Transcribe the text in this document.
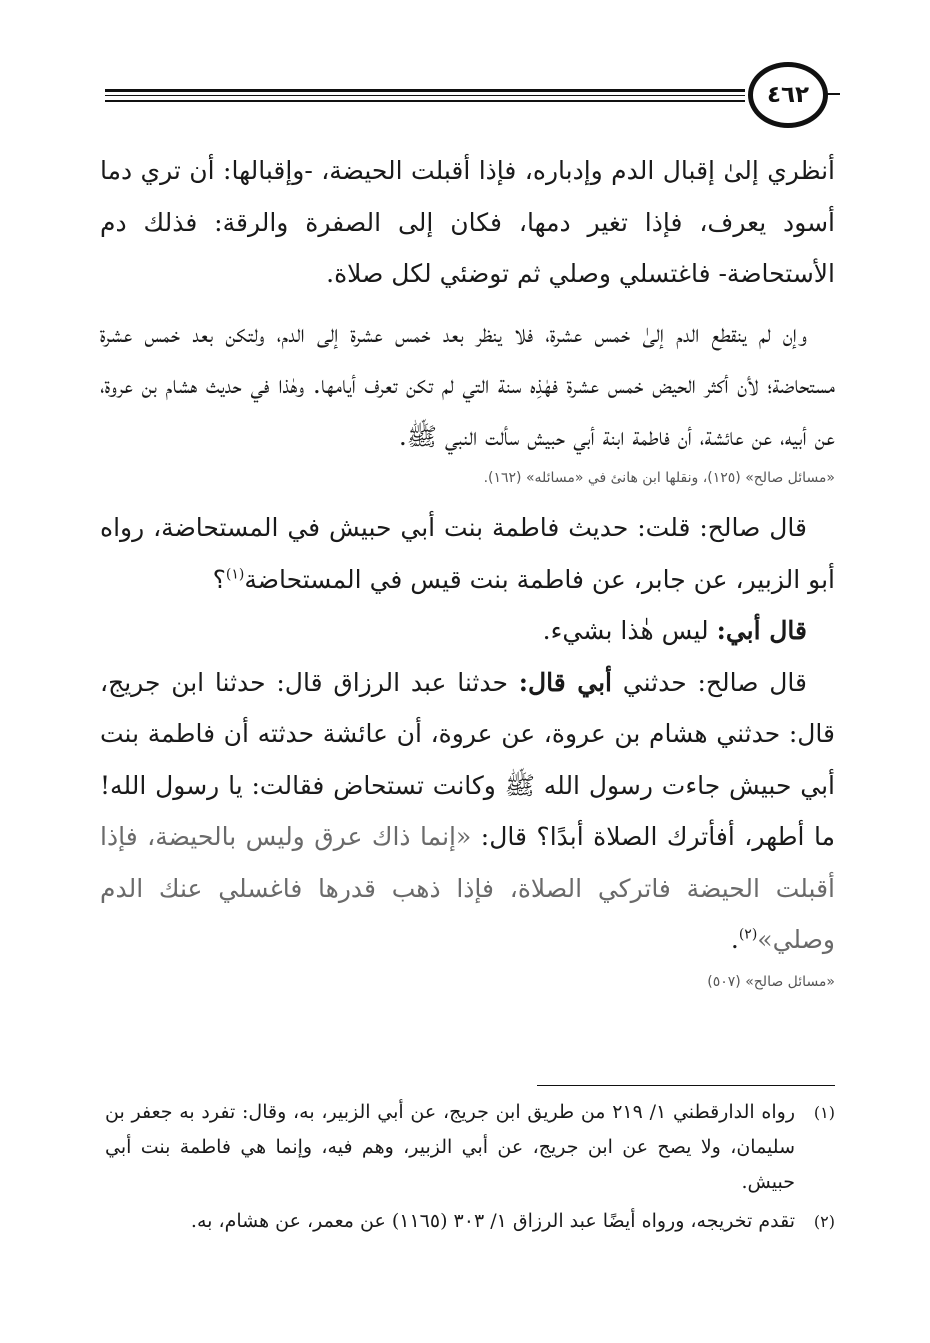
٤٦٢

أنظري إلىٰ إقبال الدم وإدباره، فإذا أقبلت الحيضة، -وإقبالها: أن تري دما أسود يعرف، فإذا تغير دمها، فكان إلى الصفرة والرقة: فذلك دم الأستحاضة- فاغتسلي وصلي ثم توضئي لكل صلاة.

وإن لم ينقطع الدم إلىٰ خمس عشرة، فلا ينظر بعد خمس عشرة إلى الدم، ولتكن بعد خمس عشرة مستحاضة؛ لأن أكثر الحيض خمس عشرة فهٰذِه سنة التي لم تكن تعرف أيامها. وهٰذا في حديث هشام بن عروة، عن أبيه، عن عائشة، أن فاطمة ابنة أبي حبيش سألت النبي ﷺ.

«مسائل صالح» (١٢٥)، ونقلها ابن هانئ في «مسائله» (١٦٢).

قال صالح: قلت: حديث فاطمة بنت أبي حبيش في المستحاضة، رواه أبو الزبير، عن جابر، عن فاطمة بنت قيس في المستحاضة$^{(١)}$؟

قال أبي: ليس هٰذا بشيء.

قال صالح: حدثني أبي قال: حدثنا عبد الرزاق قال: حدثنا ابن جريج، قال: حدثني هشام بن عروة، عن عروة، أن عائشة حدثته أن فاطمة بنت أبي حبيش جاءت رسول الله ﷺ وكانت تستحاض فقالت: يا رسول الله! ما أطهر، أفأترك الصلاة أبدًا؟ قال: «إنما ذاك عرق وليس بالحيضة، فإذا أقبلت الحيضة فاتركي الصلاة، فإذا ذهب قدرها فاغسلي عنك الدم وصلي»$^{(٢)}$.

«مسائل صالح» (٥٠٧)
(١)
رواه الدارقطني ١/ ٢١٩ من طريق ابن جريج، عن أبي الزبير، به، وقال: تفرد به جعفر بن سليمان، ولا يصح عن ابن جريج، عن أبي الزبير، وهم فيه، وإنما هي فاطمة بنت أبي حبيش.
(٢)
تقدم تخريجه، ورواه أيضًا عبد الرزاق ١/ ٣٠٣ (١١٦٥) عن معمر، عن هشام، به.
